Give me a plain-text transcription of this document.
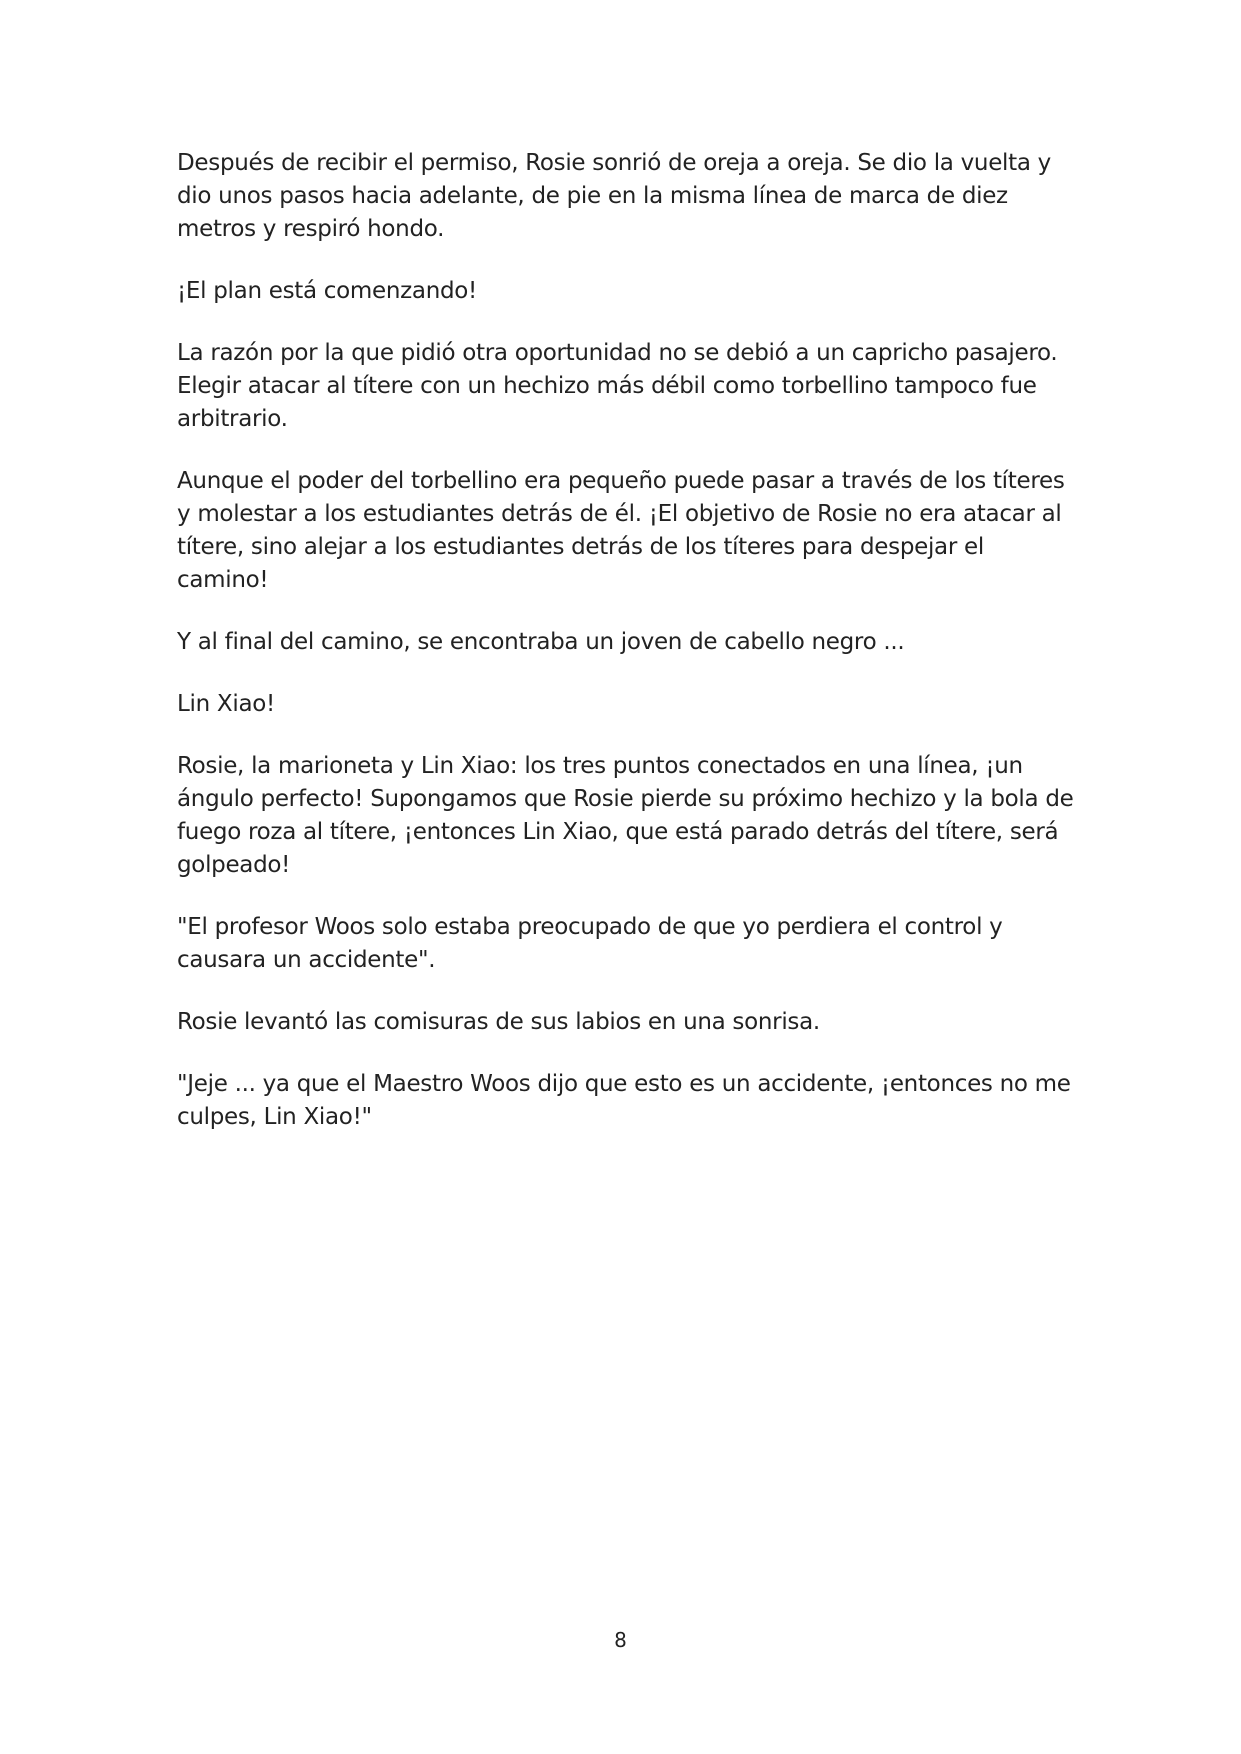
Después de recibir el permiso, Rosie sonrió de oreja a oreja. Se dio la vuelta y dio unos pasos hacia adelante, de pie en la misma línea de marca de diez metros y respiró hondo.

¡El plan está comenzando!

La razón por la que pidió otra oportunidad no se debió a un capricho pasajero. Elegir atacar al títere con un hechizo más débil como torbellino tampoco fue arbitrario.

Aunque el poder del torbellino era pequeño puede pasar a través de los títeres y molestar a los estudiantes detrás de él. ¡El objetivo de Rosie no era atacar al títere, sino alejar a los estudiantes detrás de los títeres para despejar el camino!

Y al final del camino, se encontraba un joven de cabello negro ...

Lin Xiao!

Rosie, la marioneta y Lin Xiao: los tres puntos conectados en una línea, ¡un ángulo perfecto! Supongamos que Rosie pierde su próximo hechizo y la bola de fuego roza al títere, ¡entonces Lin Xiao, que está parado detrás del títere, será golpeado!

"El profesor Woos solo estaba preocupado de que yo perdiera el control y causara un accidente".

Rosie levantó las comisuras de sus labios en una sonrisa.

"Jeje ... ya que el Maestro Woos dijo que esto es un accidente, ¡entonces no me culpes, Lin Xiao!"

8
